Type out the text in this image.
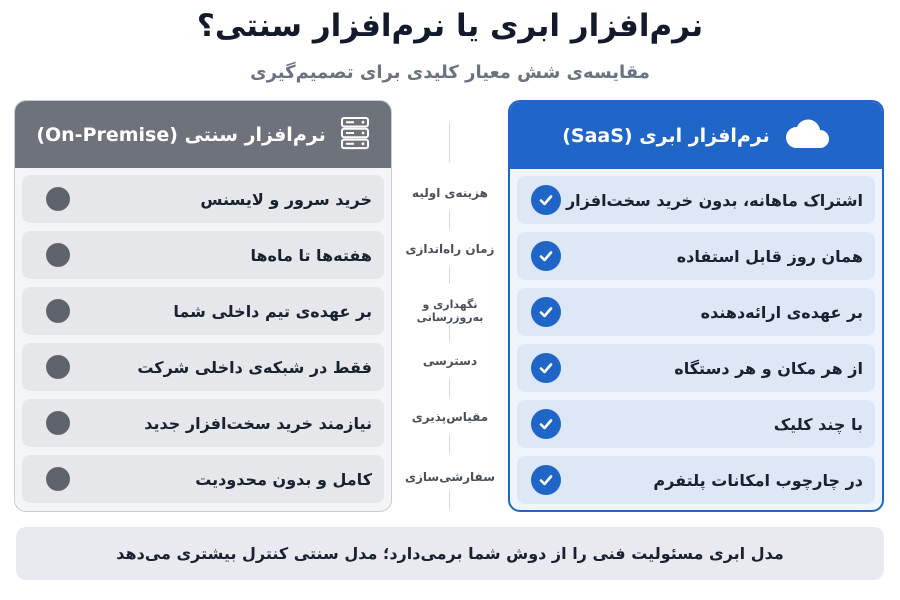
نرم‌افزار ابری یا نرم‌افزار سنتی؟
مقایسه‌ی شش معیار کلیدی برای تصمیم‌گیری
نرم‌افزار ابری (SaaS)
اشتراک ماهانه، بدون خرید سخت‌افزار
همان روز قابل استفاده
بر عهده‌ی ارائه‌دهنده
از هر مکان و هر دستگاه
با چند کلیک
در چارچوب امکانات پلتفرم
هزینه‌ی اولیه
زمان راه‌اندازی
نگهداری و به‌روزرسانی
دسترسی
مقیاس‌پذیری
سفارشی‌سازی
نرم‌افزار سنتی (On-Premise)
خرید سرور و لایسنس
هفته‌ها تا ماه‌ها
بر عهده‌ی تیم داخلی شما
فقط در شبکه‌ی داخلی شرکت
نیازمند خرید سخت‌افزار جدید
کامل و بدون محدودیت
مدل ابری مسئولیت فنی را از دوش شما برمی‌دارد؛ مدل سنتی کنترل بیشتری می‌دهد
